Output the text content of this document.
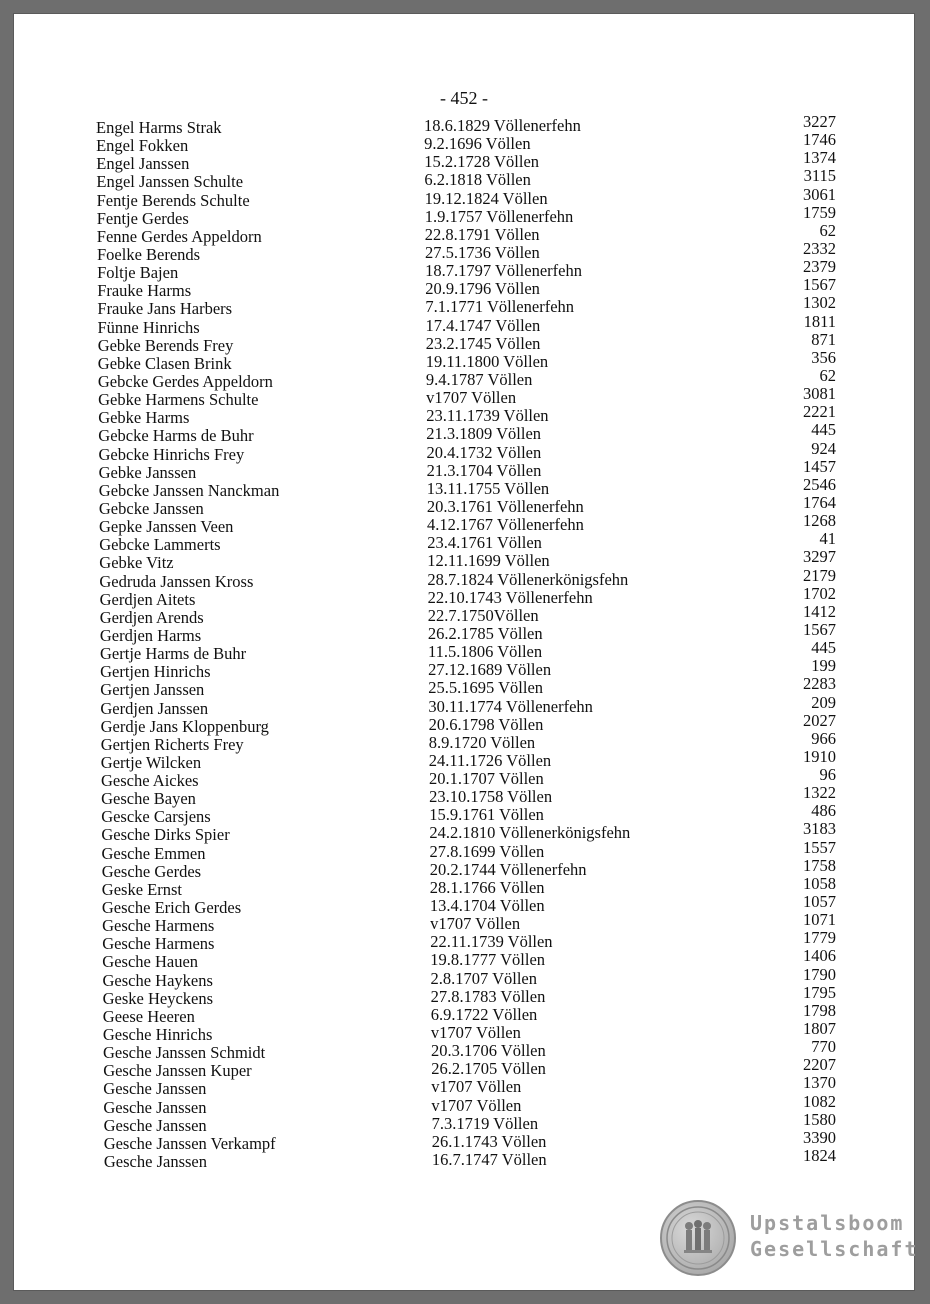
- 452 -
Engel Harms Strak	18.6.1829 Völlenerfehn	3227
Engel Fokken	9.2.1696 Völlen	1746
Engel Janssen	15.2.1728 Völlen	1374
Engel Janssen Schulte	6.2.1818 Völlen	3115
Fentje Berends Schulte	19.12.1824 Völlen	3061
Fentje Gerdes	1.9.1757 Völlenerfehn	1759
Fenne Gerdes Appeldorn	22.8.1791 Völlen	62
Foelke Berends	27.5.1736 Völlen	2332
Foltje Bajen	18.7.1797 Völlenerfehn	2379
Frauke Harms	20.9.1796 Völlen	1567
Frauke Jans Harbers	7.1.1771 Völlenerfehn	1302
Fünne Hinrichs	17.4.1747 Völlen	1811
Gebke Berends Frey	23.2.1745 Völlen	871
Gebke Clasen Brink	19.11.1800 Völlen	356
Gebcke Gerdes Appeldorn	9.4.1787 Völlen	62
Gebke Harmens Schulte	v1707 Völlen	3081
Gebke Harms	23.11.1739 Völlen	2221
Gebcke Harms de Buhr	21.3.1809 Völlen	445
Gebcke Hinrichs Frey	20.4.1732 Völlen	924
Gebke Janssen	21.3.1704 Völlen	1457
Gebcke Janssen Nanckman	13.11.1755 Völlen	2546
Gebcke Janssen	20.3.1761 Völlenerfehn	1764
Gepke Janssen Veen	4.12.1767 Völlenerfehn	1268
Gebcke Lammerts	23.4.1761 Völlen	41
Gebke Vitz	12.11.1699 Völlen	3297
Gedruda Janssen Kross	28.7.1824 Völlenerkönigsfehn	2179
Gerdjen Aitets	22.10.1743 Völlenerfehn	1702
Gerdjen Arends	22.7.1750Völlen	1412
Gerdjen Harms	26.2.1785 Völlen	1567
Gertje Harms de Buhr	11.5.1806 Völlen	445
Gertjen Hinrichs	27.12.1689 Völlen	199
Gertjen Janssen	25.5.1695 Völlen	2283
Gerdjen Janssen	30.11.1774 Völlenerfehn	209
Gerdje Jans Kloppenburg	20.6.1798 Völlen	2027
Gertjen Richerts Frey	8.9.1720 Völlen	966
Gertje Wilcken	24.11.1726 Völlen	1910
Gesche Aickes	20.1.1707 Völlen	96
Gesche Bayen	23.10.1758 Völlen	1322
Gescke Carsjens	15.9.1761 Völlen	486
Gesche Dirks Spier	24.2.1810 Völlenerkönigsfehn	3183
Gesche Emmen	27.8.1699 Völlen	1557
Gesche Gerdes	20.2.1744 Völlenerfehn	1758
Geske Ernst	28.1.1766 Völlen	1058
Gesche Erich Gerdes	13.4.1704 Völlen	1057
Gesche Harmens	v1707 Völlen	1071
Gesche Harmens	22.11.1739 Völlen	1779
Gesche Hauen	19.8.1777 Völlen	1406
Gesche Haykens	2.8.1707 Völlen	1790
Geske Heyckens	27.8.1783 Völlen	1795
Geese Heeren	6.9.1722 Völlen	1798
Gesche Hinrichs	v1707 Völlen	1807
Gesche Janssen Schmidt	20.3.1706 Völlen	770
Gesche Janssen Kuper	26.2.1705 Völlen	2207
Gesche Janssen	v1707 Völlen	1370
Gesche Janssen	v1707 Völlen	1082
Gesche Janssen	7.3.1719 Völlen	1580
Gesche Janssen Verkampf	26.1.1743 Völlen	3390
Gesche Janssen	16.7.1747 Völlen	1824
Upstalsboom
Gesellschaft
